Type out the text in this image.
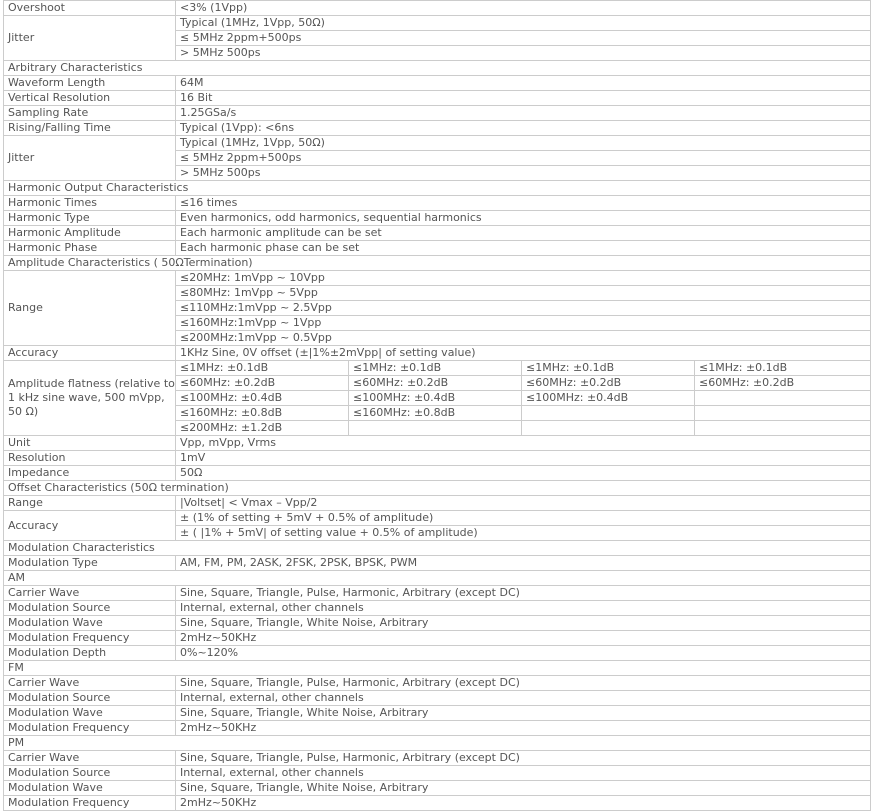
Overshoot	<3% (1Vpp)			
Jitter	Typical (1MHz, 1Vpp, 50Ω)			
	≤ 5MHz 2ppm+500ps			
	> 5MHz 500ps			
Arbitrary Characteristics				
Waveform Length	64M			
Vertical Resolution	16 Bit			
Sampling Rate	1.25GSa/s			
Rising/Falling Time	Typical (1Vpp): <6ns			
Jitter	Typical (1MHz, 1Vpp, 50Ω)			
	≤ 5MHz 2ppm+500ps			
	> 5MHz 500ps			
Harmonic Output Characteristics				
Harmonic Times	≤16 times			
Harmonic Type	Even harmonics, odd harmonics, sequential harmonics			
Harmonic Amplitude	Each harmonic amplitude can be set			
Harmonic Phase	Each harmonic phase can be set			
Amplitude Characteristics ( 50ΩTermination)				
Range	≤20MHz: 1mVpp ~ 10Vpp			
	≤80MHz: 1mVpp ~ 5Vpp			
	≤110MHz:1mVpp ~ 2.5Vpp			
	≤160MHz:1mVpp ~ 1Vpp			
	≤200MHz:1mVpp ~ 0.5Vpp			
Accuracy	1KHz Sine, 0V offset (±|1%±2mVpp| of setting value)			
Amplitude flatness (relative to 1 kHz sine wave, 500 mVpp, 50 Ω)	≤1MHz: ±0.1dB	≤1MHz: ±0.1dB	≤1MHz: ±0.1dB	≤1MHz: ±0.1dB
	≤60MHz: ±0.2dB	≤60MHz: ±0.2dB	≤60MHz: ±0.2dB	≤60MHz: ±0.2dB
	≤100MHz: ±0.4dB	≤100MHz: ±0.4dB	≤100MHz: ±0.4dB	
	≤160MHz: ±0.8dB	≤160MHz: ±0.8dB		
	≤200MHz: ±1.2dB			
Unit	Vpp, mVpp, Vrms			
Resolution	1mV			
Impedance	50Ω			
Offset Characteristics (50Ω termination)				
Range	|Voltset| < Vmax – Vpp/2			
Accuracy	± (1% of setting + 5mV + 0.5% of amplitude)			
	± ( |1% + 5mV| of setting value + 0.5% of amplitude)			
Modulation Characteristics				
Modulation Type	AM, FM, PM, 2ASK, 2FSK, 2PSK, BPSK, PWM			
AM				
Carrier Wave	Sine, Square, Triangle, Pulse, Harmonic, Arbitrary (except DC)			
Modulation Source	Internal, external, other channels			
Modulation Wave	Sine, Square, Triangle, White Noise, Arbitrary			
Modulation Frequency	2mHz~50KHz			
Modulation Depth	0%~120%			
FM				
Carrier Wave	Sine, Square, Triangle, Pulse, Harmonic, Arbitrary (except DC)			
Modulation Source	Internal, external, other channels			
Modulation Wave	Sine, Square, Triangle, White Noise, Arbitrary			
Modulation Frequency	2mHz~50KHz			
PM				
Carrier Wave	Sine, Square, Triangle, Pulse, Harmonic, Arbitrary (except DC)			
Modulation Source	Internal, external, other channels			
Modulation Wave	Sine, Square, Triangle, White Noise, Arbitrary			
Modulation Frequency	2mHz~50KHz			
